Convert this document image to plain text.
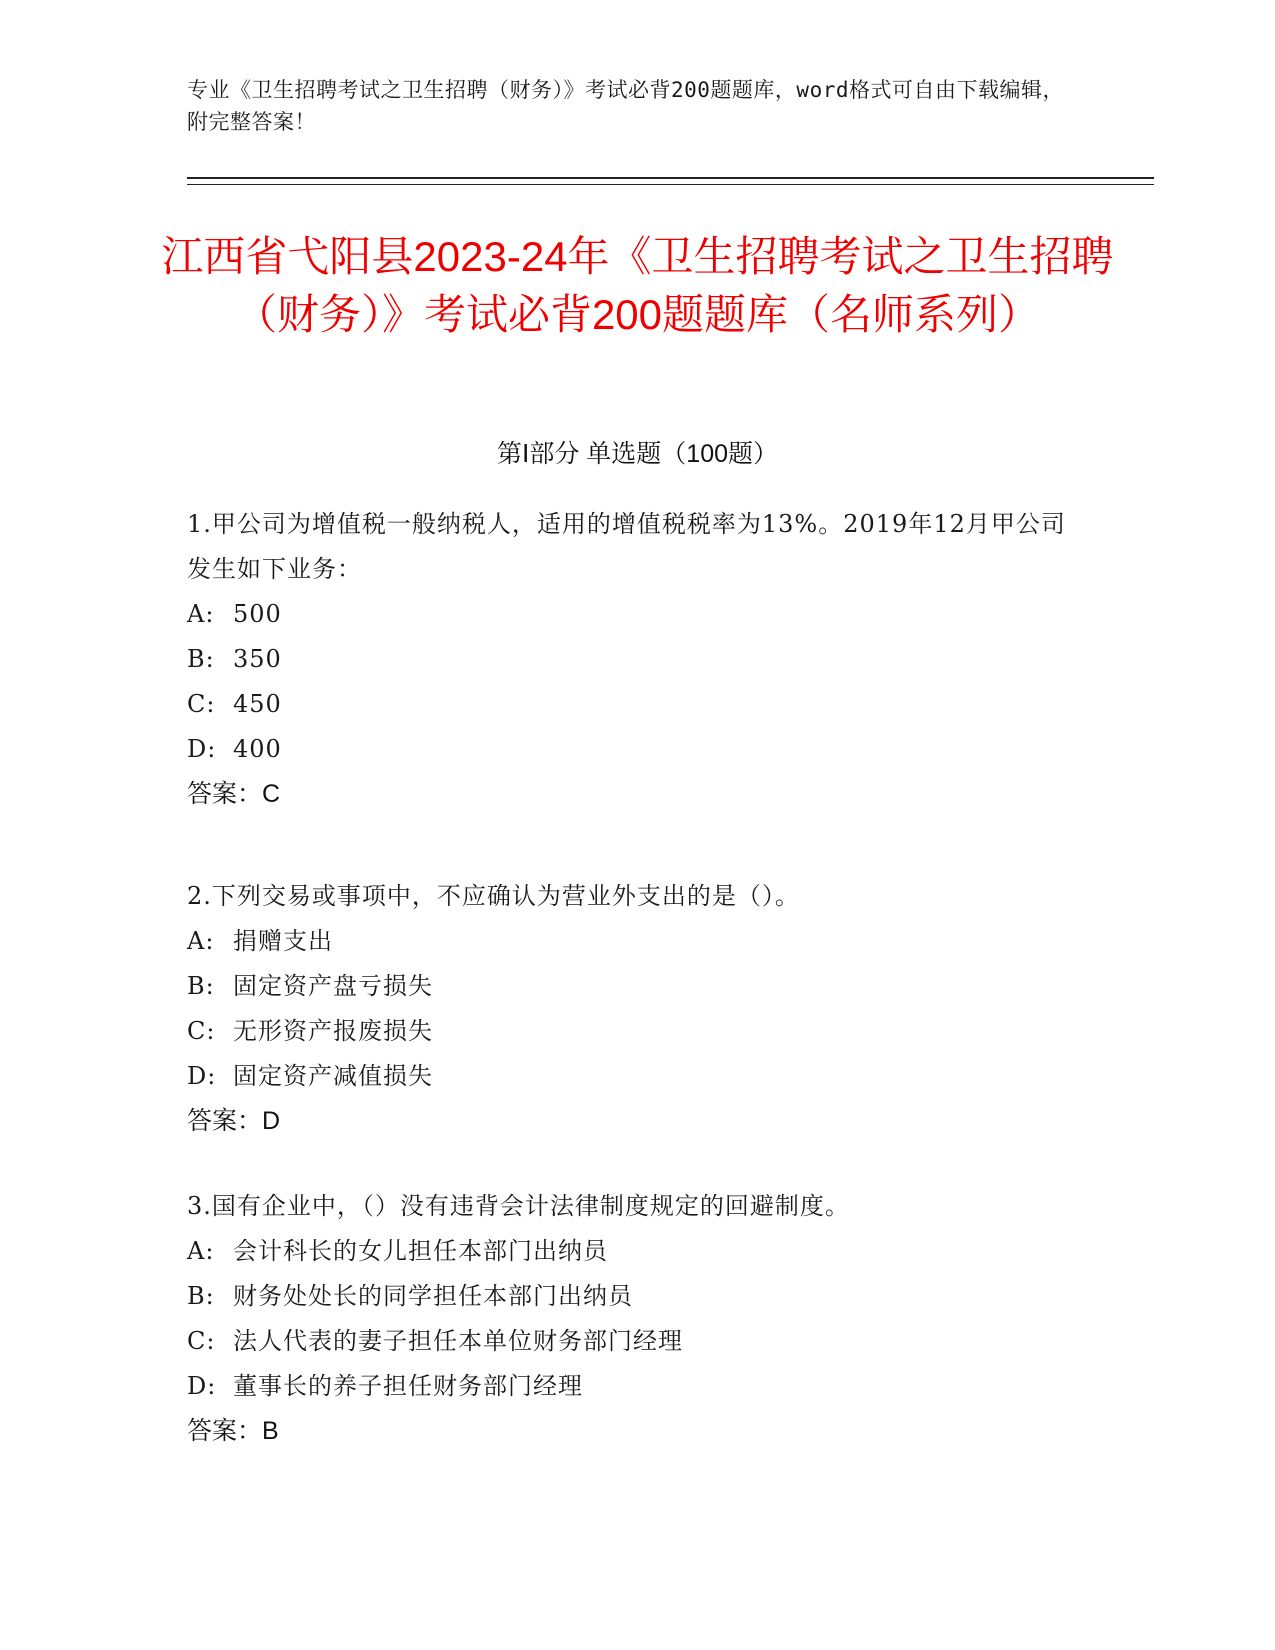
专业《卫生招聘考试之卫生招聘（财务）》考试必背200题题库，word格式可自由下载编辑，附完整答案！
江西省弋阳县2023-24年《卫生招聘考试之卫生招聘（财务）》考试必背200题题库（名师系列）
第Ⅰ部分 单选题（100题）
1.甲公司为增值税一般纳税人，适用的增值税税率为13%。2019年12月甲公司发生如下业务：
A: 500
B: 350
C: 450
D: 400
答案：C
2.下列交易或事项中，不应确认为营业外支出的是（）。
A: 捐赠支出
B: 固定资产盘亏损失
C: 无形资产报废损失
D: 固定资产减值损失
答案：D
3.国有企业中，（）没有违背会计法律制度规定的回避制度。
A: 会计科长的女儿担任本部门出纳员
B: 财务处处长的同学担任本部门出纳员
C: 法人代表的妻子担任本单位财务部门经理
D: 董事长的养子担任财务部门经理
答案：B
